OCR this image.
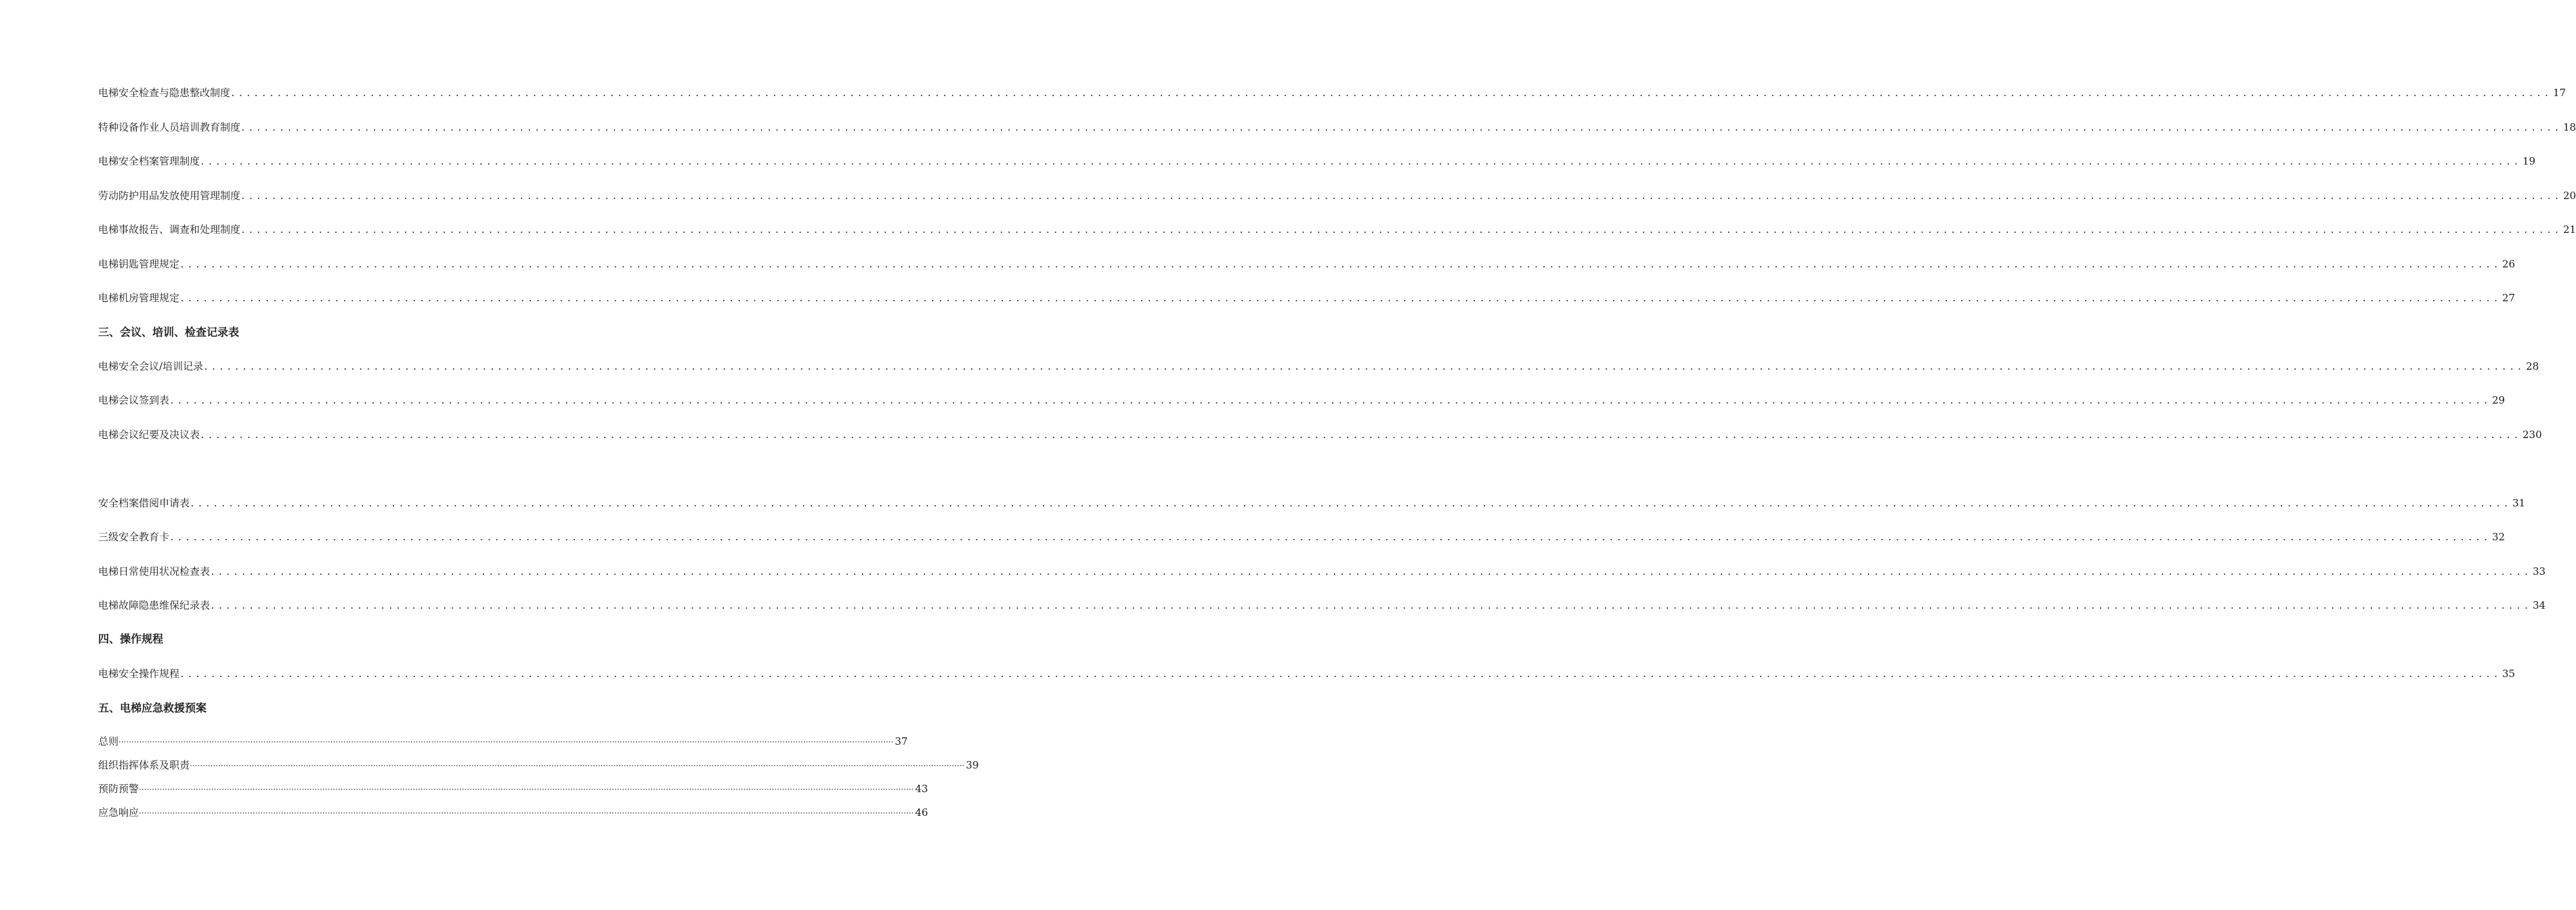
电梯安全检查与隐患整改制度 ............................................................................................................................................................................................................................................................................................................ 17
特种设备作业人员培训教育制度 ............................................................................................................................................................................................................................................................................................................ 18
电梯安全档案管理制度 ............................................................................................................................................................................................................................................................................................................ 19
劳动防护用品发放使用管理制度 ............................................................................................................................................................................................................................................................................................................ 20
电梯事故报告、调查和处理制度 ............................................................................................................................................................................................................................................................................................................ 21
电梯钥匙管理规定 ............................................................................................................................................................................................................................................................................................................ 26
电梯机房管理规定 ............................................................................................................................................................................................................................................................................................................ 27
三、会议、培训、检查记录表
电梯安全会议/培训记录 ............................................................................................................................................................................................................................................................................................................ 28
电梯会议签到表 ............................................................................................................................................................................................................................................................................................................ 29
电梯会议纪要及决议表 ............................................................................................................................................................................................................................................................................................................ 230
安全档案借阅申请表 ............................................................................................................................................................................................................................................................................................................ 31
三级安全教育卡 ............................................................................................................................................................................................................................................................................................................ 32
电梯日常使用状况检查表 ............................................................................................................................................................................................................................................................................................................ 33
电梯故障隐患维保纪录表 ............................................................................................................................................................................................................................................................................................................ 34
四、操作规程
电梯安全操作规程 ............................................................................................................................................................................................................................................................................................................ 35
五、电梯应急救援预案
总则 ············································································································································································································································································································ 37
组织指挥体系及职责 ············································································································································································································································································································ 39
预防预警 ············································································································································································································································································································ 43
应急响应 ············································································································································································································································································································ 46
